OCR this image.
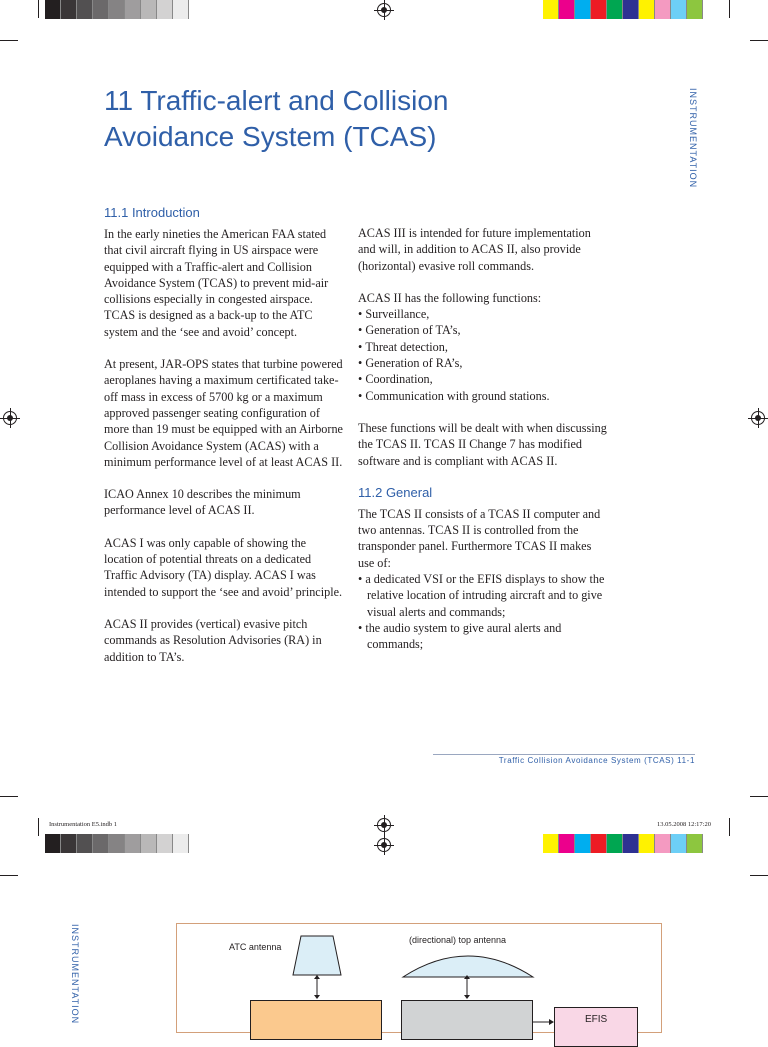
11 Traffic-alert and Collision
Avoidance System (TCAS)	INSTRUMENTATION
11.1 Introduction

In the early nineties the American FAA stated that civil aircraft flying in US airspace were equipped with a Traffic-alert and Collision Avoidance System (TCAS) to prevent mid-air collisions especially in congested airspace. TCAS is designed as a back-up to the ATC system and the ‘see and avoid’ concept.

At present, JAR-OPS states that turbine powered aeroplanes having a maximum certificated take-off mass in excess of 5700 kg or a maximum approved passenger seating configuration of more than 19 must be equipped with an Airborne Collision Avoidance System (ACAS) with a minimum performance level of at least ACAS II.

ICAO Annex 10 describes the minimum performance level of ACAS II.

ACAS I was only capable of showing the location of potential threats on a dedicated Traffic Advisory (TA) display. ACAS I was intended to support the ‘see and avoid’ principle.

ACAS II provides (vertical) evasive pitch commands as Resolution Advisories (RA) in addition to TA’s.

ACAS III is intended for future implementation and will, in addition to ACAS II, also provide (horizontal) evasive roll commands.

ACAS II has the following functions:

• Surveillance,
• Generation of TA’s,
• Threat detection,
• Generation of RA’s,
• Coordination,
• Communication with ground stations.

These functions will be dealt with when discussing the TCAS II. TCAS II Change 7 has modified software and is compliant with ACAS II.

11.2 General

The TCAS II consists of a TCAS II computer and two antennas. TCAS II is controlled from the transponder panel. Furthermore TCAS II makes use of:

• a dedicated VSI or the EFIS displays to show the relative location of intruding aircraft and to give visual alerts and commands;
• the audio system to give aural alerts and commands;
Traffic Collision Avoidance System (TCAS) 11-1
Instrumentation E5.indb 1	13.05.2008 12:17:20
INSTRUMENTATION	ATC antenna
(directional) top antenna
EFIS
